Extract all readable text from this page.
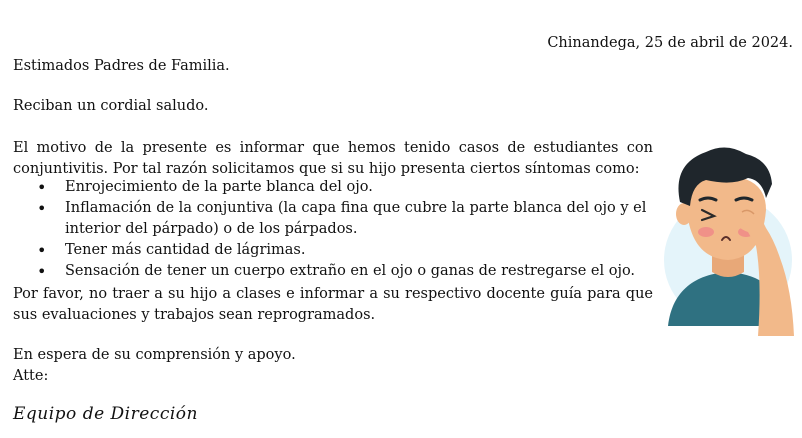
Chinandega, 25 de abril de 2024.
Estimados Padres de Familia.
Reciban un cordial saludo.
El motivo de la presente es informar que hemos tenido casos de estudiantes con conjuntivitis. Por tal razón solicitamos que si su hijo presenta ciertos síntomas como:
• Enrojecimiento de la parte blanca del ojo.
• Inflamación de la conjuntiva (la capa fina que cubre la parte blanca del ojo y el interior del párpado) o de los párpados.
• Tener más cantidad de lágrimas.
• Sensación de tener un cuerpo extraño en el ojo o ganas de restregarse el ojo.
Por favor, no traer a su hijo a clases e informar a su respectivo docente guía para que sus evaluaciones y trabajos sean reprogramados.
En espera de su comprensión y apoyo.
Atte:
Equipo de Dirección
